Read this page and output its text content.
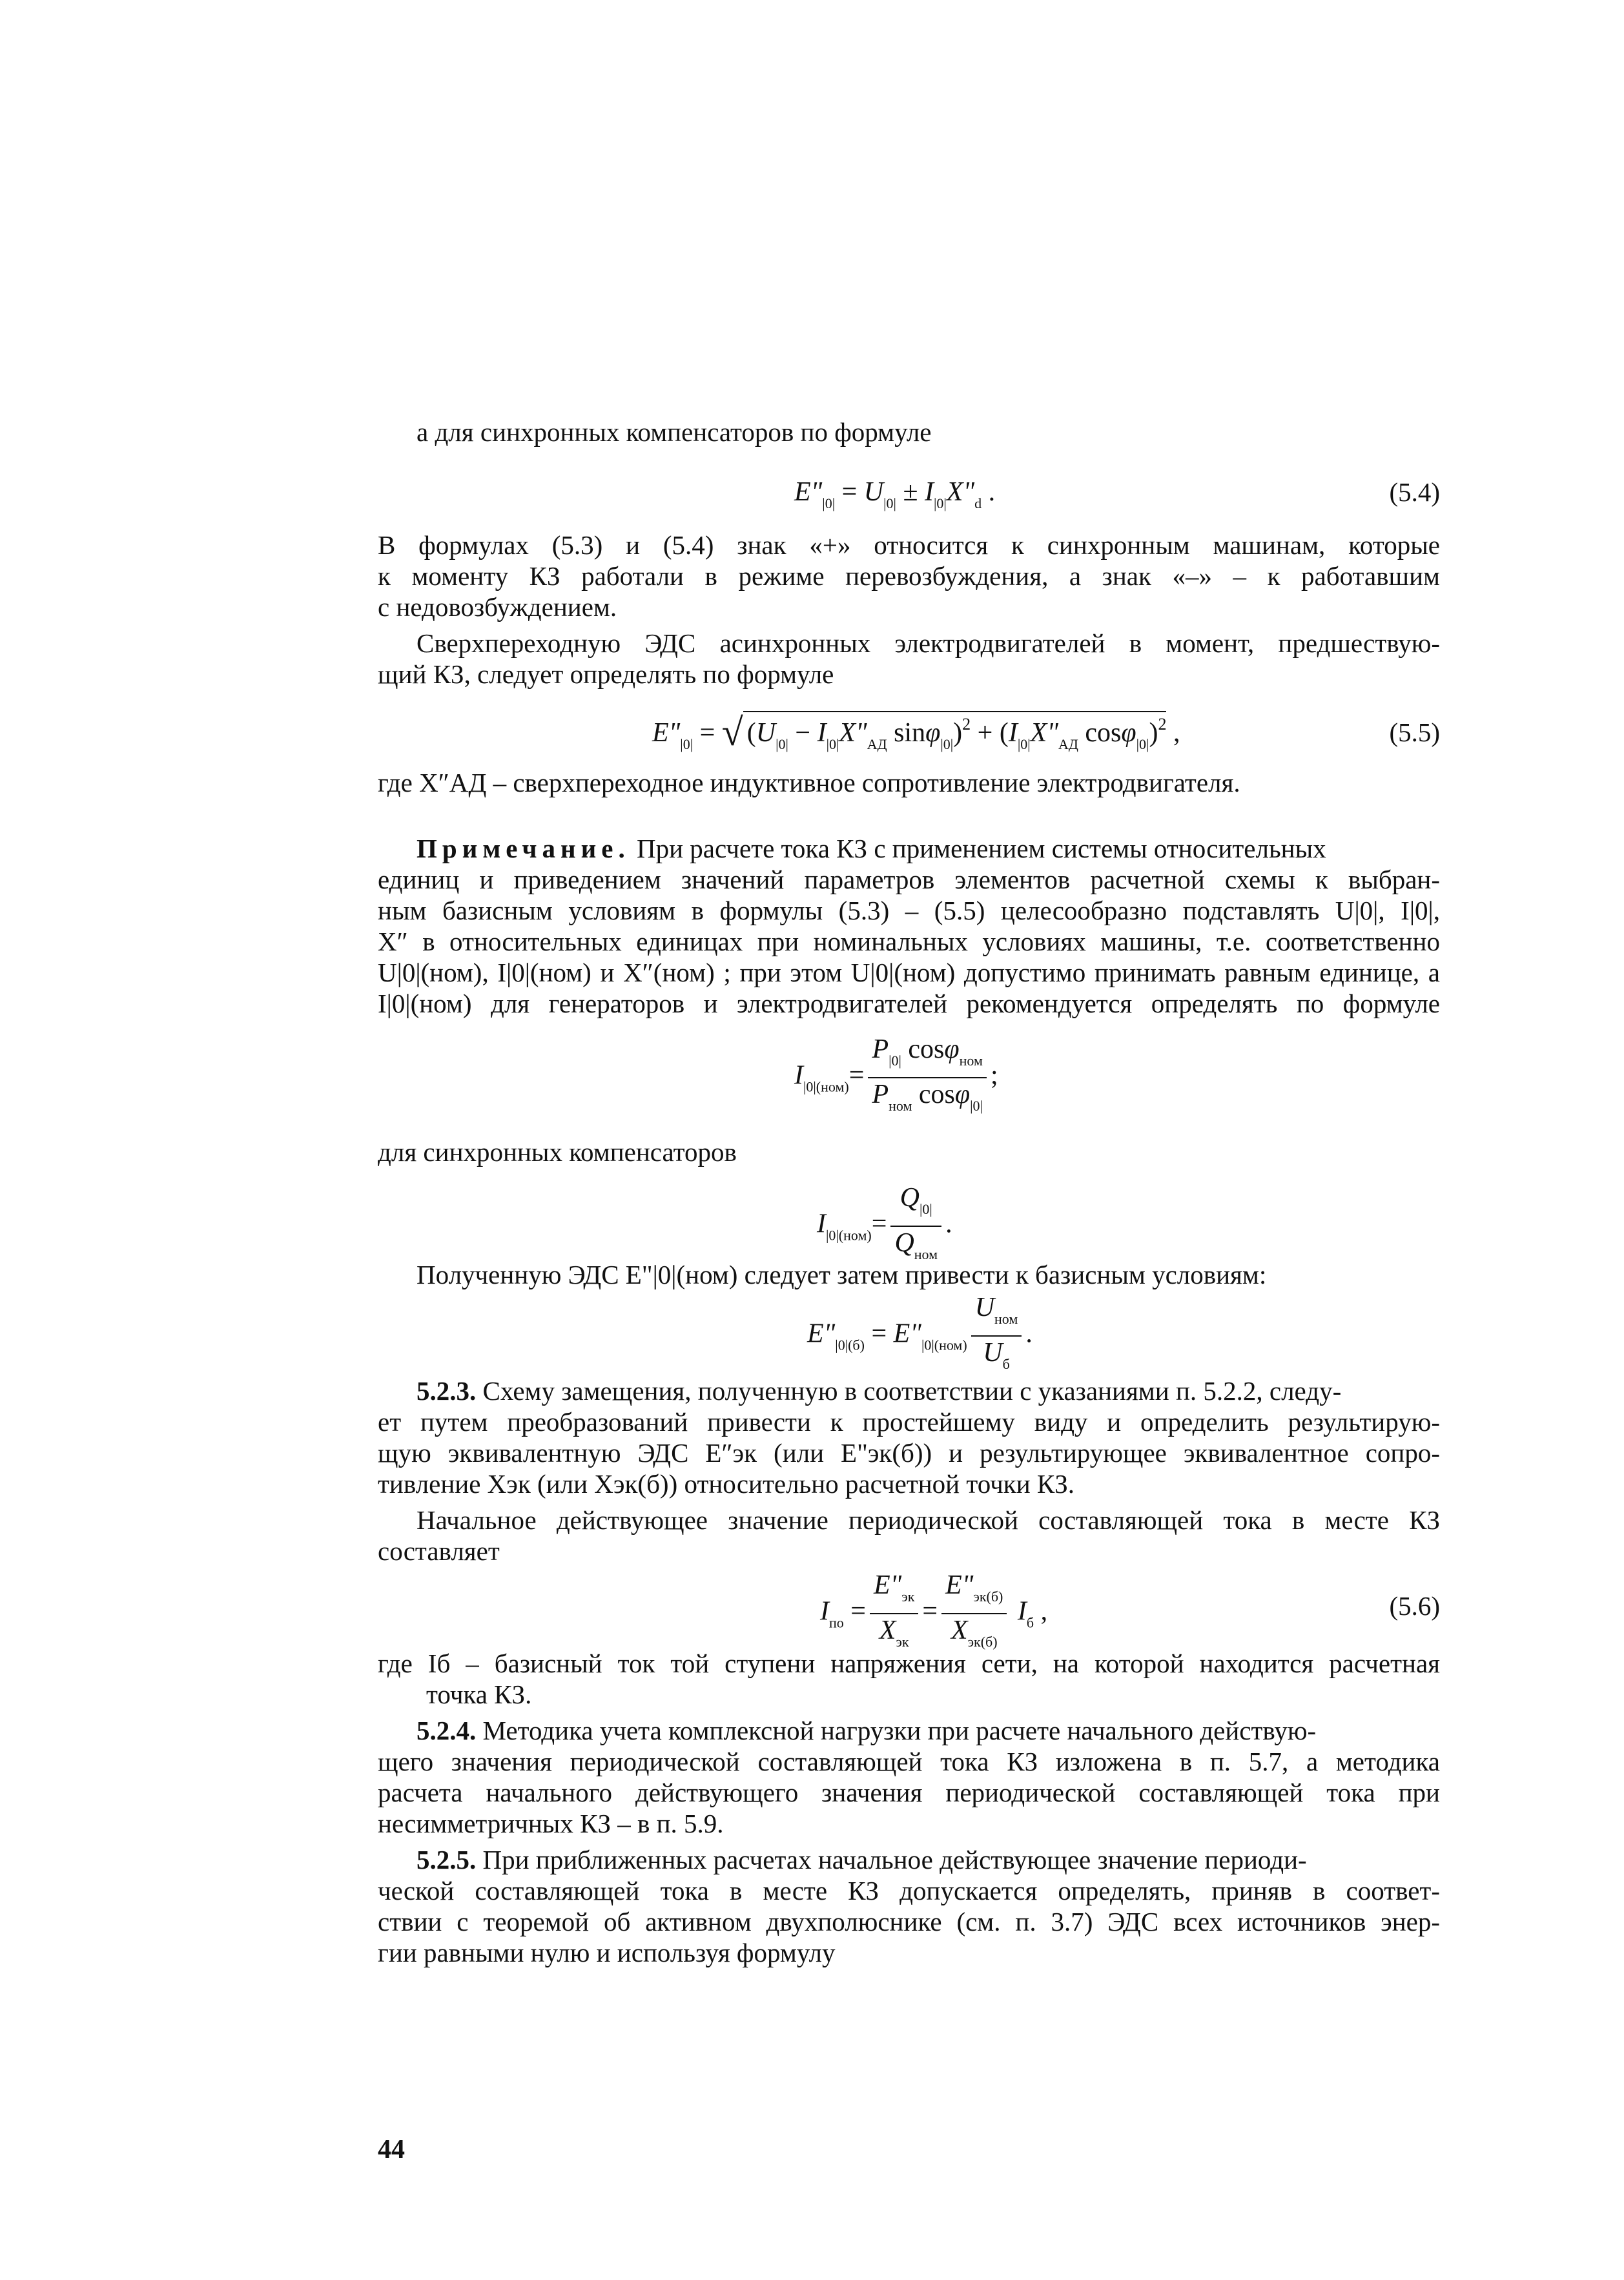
а для синхронных компенсаторов по формуле
$E"_{|0|} = U_{|0|}$ ± $I_{|0|}X"_d$ .	(5.4)
В формулах (5.3) и (5.4) знак «+» относится к синхронным машинам, которые
к моменту КЗ работали в режиме перевозбуждения, а знак «–» – к работавшим
с недовозбуждением.
Сверхпереходную ЭДС асинхронных электродвигателей в момент, предшествую-
щий КЗ, следует определять по формуле
$E"_{|0|}$ = √ ($U_{|0|}$ − $I_{|0|}X"_{АД}$ $\sin\varphi_{|0|})^2 + (I_{|0|}X"_{АД}$ cosφ$_{|0|}$)$^2$ ,	(5.5)
где X″АД – сверхпереходное индуктивное сопротивление электродвигателя.
Примечание. При расчете тока КЗ с применением системы относительных
единиц и приведением значений параметров элементов расчетной схемы к выбран-
ным базисным условиям в формулы (5.3) – (5.5) целесообразно подставлять U|0|, I|0|,
X″ в относительных единицах при номинальных условиях машины, т.е. соответственно
U|0|(ном), I|0|(ном) и X″(ном) ; при этом U|0|(ном) допустимо принимать равным единице, а
I|0|(ном) для генераторов и электродвигателей рекомендуется определять по формуле
$I_{|0|(ном)}= \frac{P_{|0|} \cos\varphi_{ном}}{P_{ном} \cos\varphi_{|0|}}$ ;
для синхронных компенсаторов
$I_{|0|(ном)}= \frac{Q_{|0|}}{Q_{ном}}$ .
Полученную ЭДС E"|0|(ном) следует затем привести к базисным условиям:
$E"_{|0|(б)}$ = $E"_{|0|(ном)} \frac{U_{ном}}{U_б}$ .
5.2.3. Схему замещения, полученную в соответствии с указаниями п. 5.2.2, следу-
ет путем преобразований привести к простейшему виду и определить результирую-
щую эквивалентную ЭДС E″эк (или E"эк(б)) и результирующее эквивалентное сопро-
тивление Xэк (или Xэк(б)) относительно расчетной точки КЗ.
Начальное действующее значение периодической составляющей тока в месте КЗ
составляет
$I_{по} = \frac{E"_{эк}}{X_{эк}} = \frac{E"_{эк(б)}}{X_{эк(б)}} I_б$ ,	(5.6)
где Iб – базисный ток той ступени напряжения сети, на которой находится расчетная
точка КЗ.
5.2.4. Методика учета комплексной нагрузки при расчете начального действую-
щего значения периодической составляющей тока КЗ изложена в п. 5.7, а методика
расчета начального действующего значения периодической составляющей тока при
несимметричных КЗ – в п. 5.9.
5.2.5. При приближенных расчетах начальное действующее значение периоди-
ческой составляющей тока в месте КЗ допускается определять, приняв в соответ-
ствии с теоремой об активном двухполюснике (см. п. 3.7) ЭДС всех источников энер-
гии равными нулю и используя формулу
44
